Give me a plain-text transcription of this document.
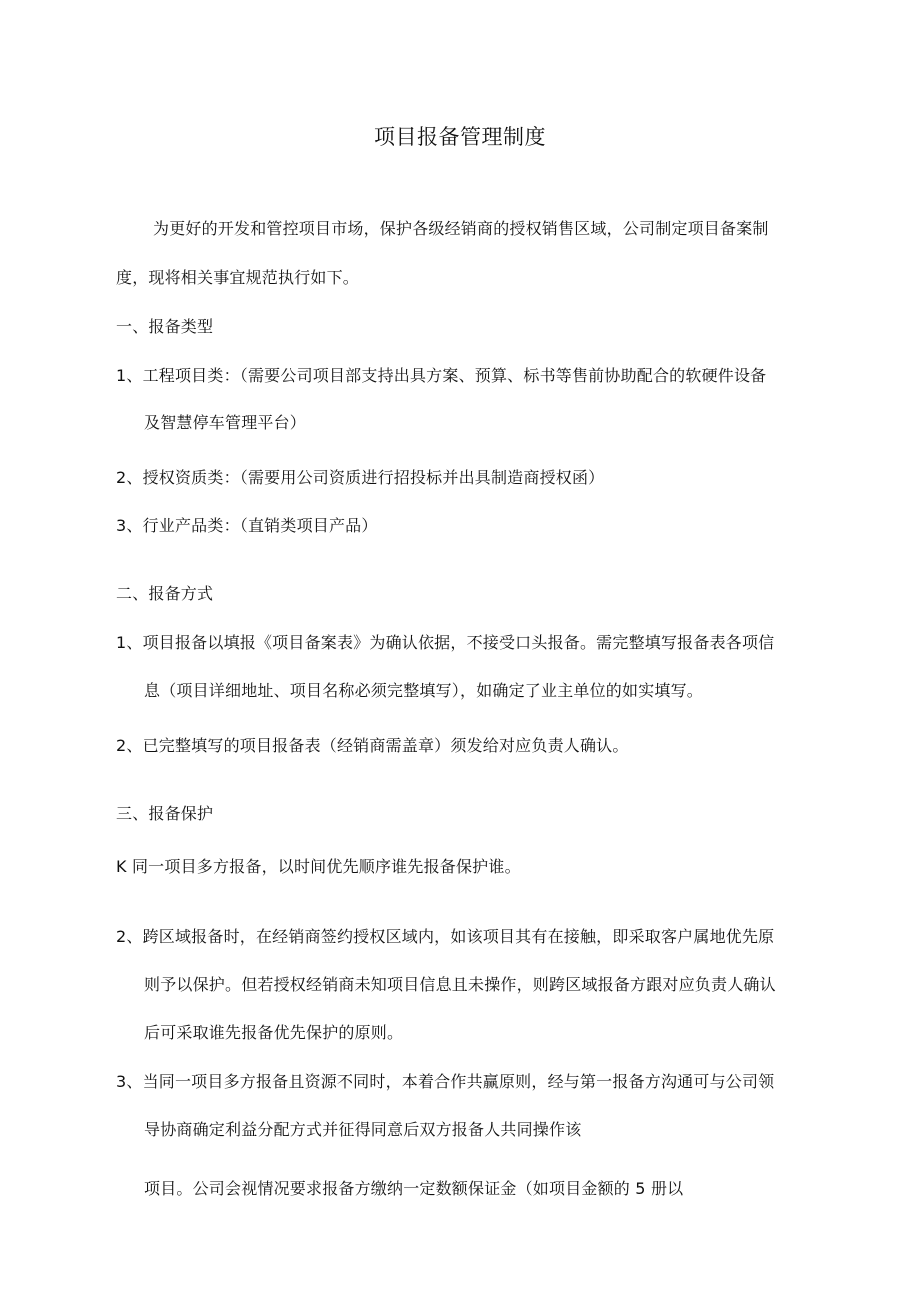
项目报备管理制度
为更好的开发和管控项目市场，保护各级经销商的授权销售区域，公司制定项目备案制
度，现将相关事宜规范执行如下。
一、报备类型
1、工程项目类：（需要公司项目部支持出具方案、预算、标书等售前协助配合的软硬件设备
及智慧停车管理平台）
2、授权资质类：（需要用公司资质进行招投标并出具制造商授权函）
3、行业产品类：（直销类项目产品）
二、报备方式
1、项目报备以填报《项目备案表》为确认依据，不接受口头报备。需完整填写报备表各项信
息（项目详细地址、项目名称必须完整填写），如确定了业主单位的如实填写。
2、已完整填写的项目报备表（经销商需盖章）须发给对应负责人确认。
三、报备保护
K 同一项目多方报备，以时间优先顺序谁先报备保护谁。
2、跨区域报备时，在经销商签约授权区域内，如该项目其有在接触，即采取客户属地优先原
则予以保护。但若授权经销商未知项目信息且未操作，则跨区域报备方跟对应负责人确认
后可采取谁先报备优先保护的原则。
3、当同一项目多方报备且资源不同时，本着合作共赢原则，经与第一报备方沟通可与公司领
导协商确定利益分配方式并征得同意后双方报备人共同操作该
项目。公司会视情况要求报备方缴纳一定数额保证金（如项目金额的 5 册以
